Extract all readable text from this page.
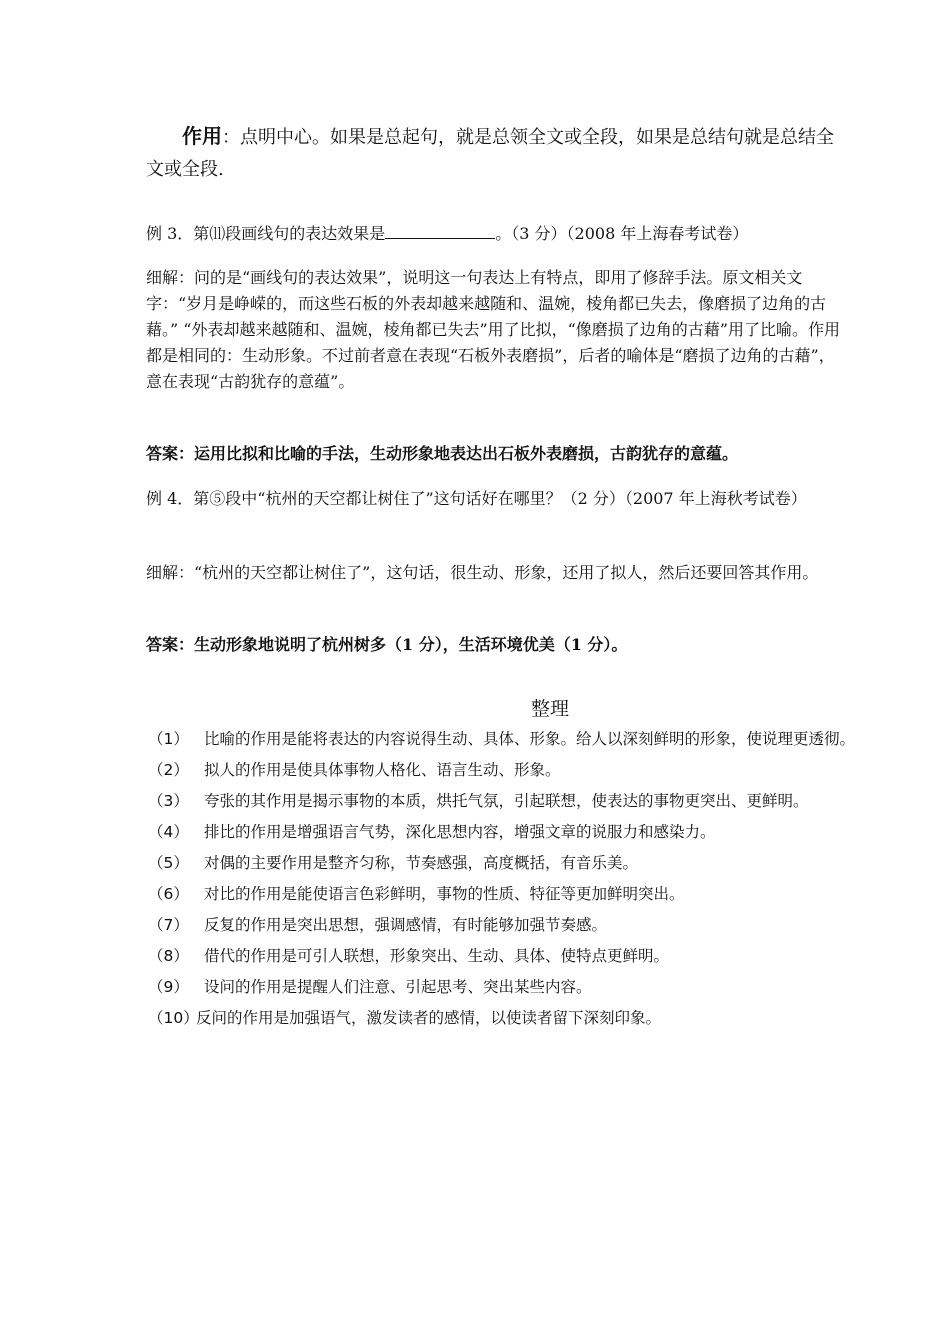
作用：点明中心。如果是总起句，就是总领全文或全段，如果是总结句就是总结全文或全段.
例 3．第⑾段画线句的表达效果是	。（3 分）（2008 年上海春考试卷）
细解：问的是“画线句的表达效果”，说明这一句表达上有特点，即用了修辞手法。原文相关文字：“岁月是峥嵘的，而这些石板的外表却越来越随和、温婉，棱角都已失去，像磨损了边角的古藉。” “外表却越来越随和、温婉，棱角都已失去”用了比拟，“像磨损了边角的古藉”用了比喻。作用都是相同的：生动形象。不过前者意在表现“石板外表磨损”，后者的喻体是“磨损了边角的古藉”，意在表现“古韵犹存的意蕴”。
答案：运用比拟和比喻的手法，生动形象地表达出石板外表磨损，古韵犹存的意蕴。
例 4．第⑤段中“杭州的天空都让树住了”这句话好在哪里？（2 分）（2007 年上海秋考试卷）
细解：“杭州的天空都让树住了”，这句话，很生动、形象，还用了拟人，然后还要回答其作用。
答案：生动形象地说明了杭州树多（1 分），生活环境优美（1 分）。
整理
（1） 比喻的作用是能将表达的内容说得生动、具体、形象。给人以深刻鲜明的形象，使说理更透彻。
（2） 拟人的作用是使具体事物人格化、语言生动、形象。
（3） 夸张的其作用是揭示事物的本质，烘托气氛，引起联想，使表达的事物更突出、更鲜明。
（4） 排比的作用是增强语言气势，深化思想内容，增强文章的说服力和感染力。
（5） 对偶的主要作用是整齐匀称，节奏感强，高度概括，有音乐美。
（6） 对比的作用是能使语言色彩鲜明，事物的性质、特征等更加鲜明突出。
（7） 反复的作用是突出思想，强调感情，有时能够加强节奏感。
（8） 借代的作用是可引人联想，形象突出、生动、具体、使特点更鲜明。
（9） 设问的作用是提醒人们注意、引起思考、突出某些内容。
（10）反问的作用是加强语气，激发读者的感情，以使读者留下深刻印象。
